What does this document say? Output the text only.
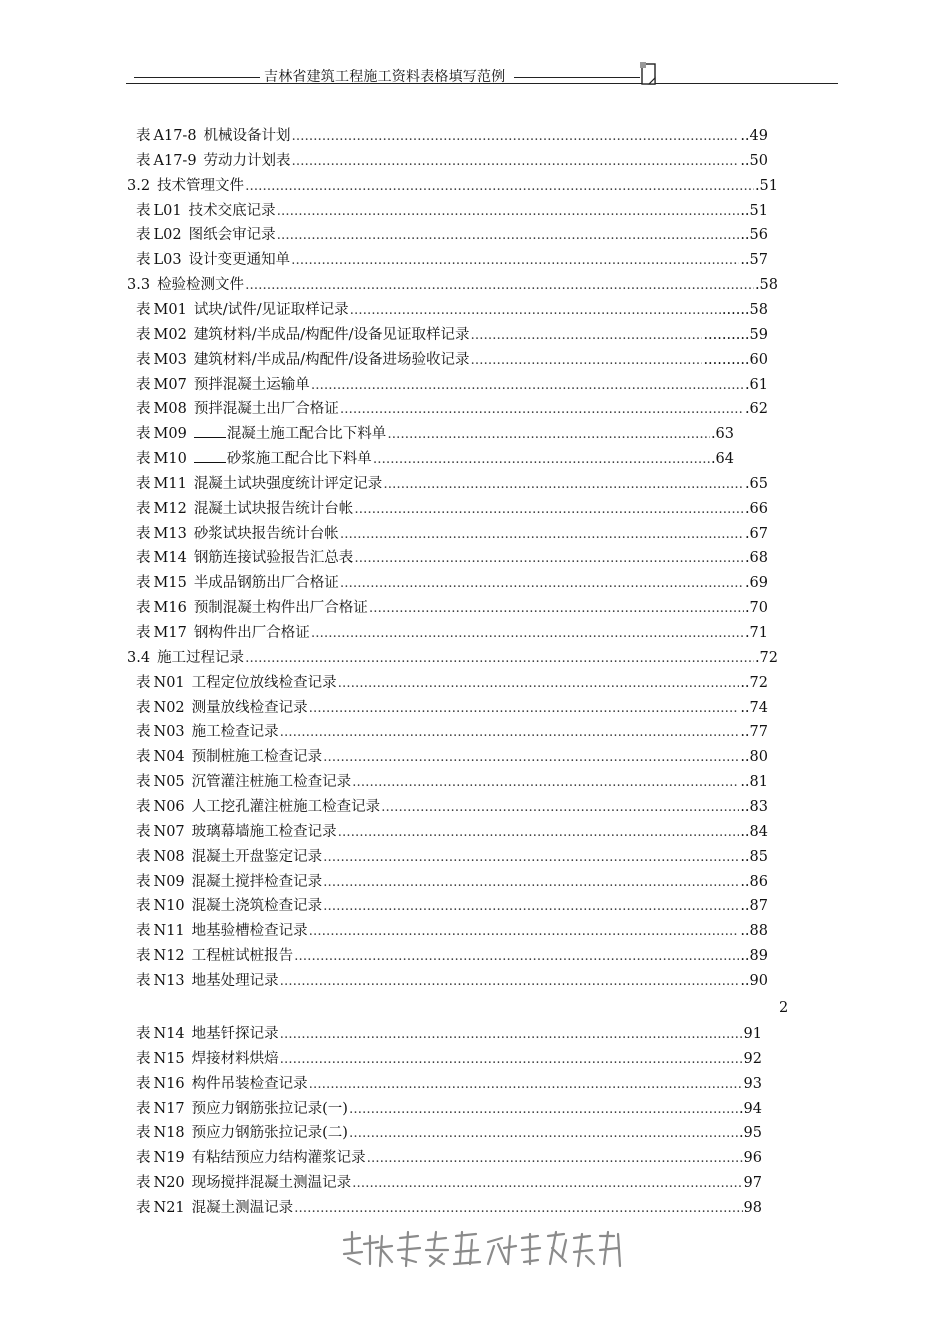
吉林省建筑工程施工资料表格填写范例
表 A17-8 机械设备计划 ……………………………………………………………………………………………………………………………………………………………………………………………	..49
表 A17-9 劳动力计划表 ……………………………………………………………………………………………………………………………………………………………………………………………	..50
3.2 技术管理文件 ……………………………………………………………………………………………………………………………………………………………………………………………	.51
表 L01 技术交底记录 ……………………………………………………………………………………………………………………………………………………………………………………………	..51
表 L02 图纸会审记录 ……………………………………………………………………………………………………………………………………………………………………………………………	..56
表 L03 设计变更通知单 ……………………………………………………………………………………………………………………………………………………………………………………………	..57
3.3 检验检测文件 ……………………………………………………………………………………………………………………………………………………………………………………………	.58
表 M01 试块/试件/见证取样记录 ……………………………………………………………………………………………………………………………………………………………………………………………	......58
表 M02 建筑材料/半成品/构配件/设备见证取样记录 ……………………………………………………………………………………………………………………………………………………………………………………………	..........59
表 M03 建筑材料/半成品/构配件/设备进场验收记录 ……………………………………………………………………………………………………………………………………………………………………………………………	..........60
表 M07 预拌混凝土运输单 ……………………………………………………………………………………………………………………………………………………………………………………………	.61
表 M08 预拌混凝土出厂合格证 ……………………………………………………………………………………………………………………………………………………………………………………………	.62
表 M09	混凝土施工配合比下料单 ……………………………………………………………………………………………………………………………………………………………………………………………	.63
表 M10	砂浆施工配合比下料单 ……………………………………………………………………………………………………………………………………………………………………………………………	.64
表 M11 混凝土试块强度统计评定记录 ……………………………………………………………………………………………………………………………………………………………………………………………	.65
表 M12 混凝土试块报告统计台帐 ……………………………………………………………………………………………………………………………………………………………………………………………	.66
表 M13 砂浆试块报告统计台帐 ……………………………………………………………………………………………………………………………………………………………………………………………	.67
表 M14 钢筋连接试验报告汇总表 ……………………………………………………………………………………………………………………………………………………………………………………………	.68
表 M15 半成品钢筋出厂合格证 ……………………………………………………………………………………………………………………………………………………………………………………………	.69
表 M16 预制混凝土构件出厂合格证 ……………………………………………………………………………………………………………………………………………………………………………………………	.70
表 M17 钢构件出厂合格证 ……………………………………………………………………………………………………………………………………………………………………………………………	.71
3.4 施工过程记录 ……………………………………………………………………………………………………………………………………………………………………………………………	.72
表 N01 工程定位放线检查记录 ……………………………………………………………………………………………………………………………………………………………………………………………	..72
表 N02 测量放线检查记录 ……………………………………………………………………………………………………………………………………………………………………………………………	..74
表 N03 施工检查记录 ……………………………………………………………………………………………………………………………………………………………………………………………	..77
表 N04 预制桩施工检查记录 ……………………………………………………………………………………………………………………………………………………………………………………………	..80
表 N05 沉管灌注桩施工检查记录 ……………………………………………………………………………………………………………………………………………………………………………………………	..81
表 N06 人工挖孔灌注桩施工检查记录 ……………………………………………………………………………………………………………………………………………………………………………………………	..83
表 N07 玻璃幕墙施工检查记录 ……………………………………………………………………………………………………………………………………………………………………………………………	..84
表 N08 混凝土开盘鉴定记录 ……………………………………………………………………………………………………………………………………………………………………………………………	..85
表 N09 混凝土搅拌检查记录 ……………………………………………………………………………………………………………………………………………………………………………………………	..86
表 N10 混凝土浇筑检查记录 ……………………………………………………………………………………………………………………………………………………………………………………………	..87
表 N11 地基验槽检查记录 ……………………………………………………………………………………………………………………………………………………………………………………………	..88
表 N12 工程桩试桩报告 ……………………………………………………………………………………………………………………………………………………………………………………………	..89
表 N13 地基处理记录 ……………………………………………………………………………………………………………………………………………………………………………………………	..90
2
表 N14 地基钎探记录 ……………………………………………………………………………………………………………………………………………………………………………………………	91
表 N15 焊接材料烘焙 ……………………………………………………………………………………………………………………………………………………………………………………………	92
表 N16 构件吊装检查记录 ……………………………………………………………………………………………………………………………………………………………………………………………	93
表 N17 预应力钢筋张拉记录(一) ……………………………………………………………………………………………………………………………………………………………………………………………	.94
表 N18 预应力钢筋张拉记录(二) ……………………………………………………………………………………………………………………………………………………………………………………………	.95
表 N19 有粘结预应力结构灌浆记录 ……………………………………………………………………………………………………………………………………………………………………………………………	96
表 N20 现场搅拌混凝土测温记录 ……………………………………………………………………………………………………………………………………………………………………………………………	97
表 N21 混凝土测温记录 ……………………………………………………………………………………………………………………………………………………………………………………………	98
